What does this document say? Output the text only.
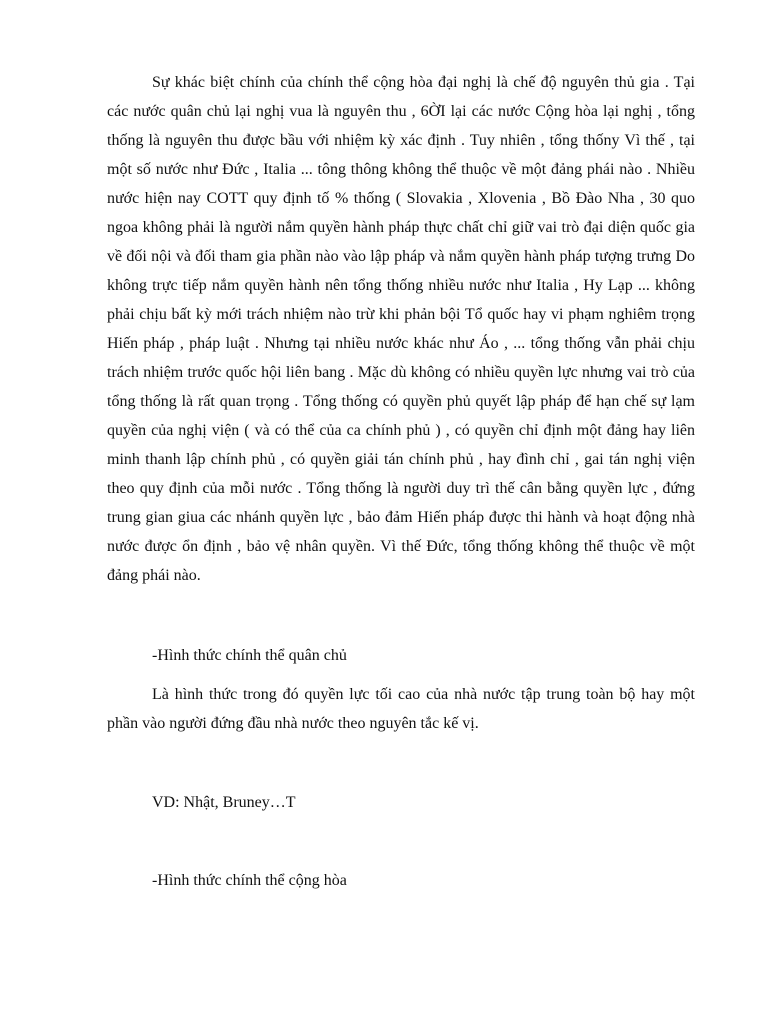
Sự khác biệt chính của chính thể cộng hòa đại nghị là chế độ nguyên thủ gia . Tại các nước quân chủ lại nghị vua là nguyên thu , 6ỜI lại các nước Cộng hòa lại nghị , tổng thống là nguyên thu được bầu với nhiệm kỳ xác định . Tuy nhiên , tổng thốny Vì thế , tại một số nước như Đức , Italia ... tông thông không thể thuộc về một đảng phái nào . Nhiều nước hiện nay COTT quy định tố % thống ( Slovakia , Xlovenia , Bồ Đào Nha , 30 quo ngoa không phải là người nắm quyền hành pháp thực chất chỉ giữ vai trò đại diện quốc gia về đối nội và đối tham gia phần nào vào lập pháp và nắm quyền hành pháp tượng trưng Do không trực tiếp nắm quyền hành nên tổng thống nhiều nước như Italia , Hy Lạp ... không phải chịu bất kỳ mới trách nhiệm nào trừ khi phản bội Tổ quốc hay vi phạm nghiêm trọng Hiến pháp , pháp luật . Nhưng tại nhiều nước khác như Áo , ... tổng thống vẫn phải chịu trách nhiệm trước quốc hội liên bang . Mặc dù không có nhiều quyền lực nhưng vai trò của tổng thống là rất quan trọng . Tổng thống có quyền phủ quyết lập pháp để hạn chế sự lạm quyền của nghị viện ( và có thể của ca chính phủ ) , có quyền chỉ định một đảng hay liên minh thanh lập chính phủ , có quyền giải tán chính phủ , hay đình chỉ , gai tán nghị viện theo quy định của mỗi nước . Tổng thống là người duy trì thế cân bằng quyền lực , đứng trung gian giua các nhánh quyền lực , bảo đảm Hiến pháp được thi hành và hoạt động nhà nước được ổn định , bảo vệ nhân quyền. Vì thế Đức, tổng thống không thể thuộc về một đảng phái nào.

-Hình thức chính thể quân chủ

Là hình thức trong đó quyền lực tối cao của nhà nước tập trung toàn bộ hay một phần vào người đứng đầu nhà nước theo nguyên tắc kế vị.

VD: Nhật, Bruney…T
-Hình thức chính thể cộng hòa
